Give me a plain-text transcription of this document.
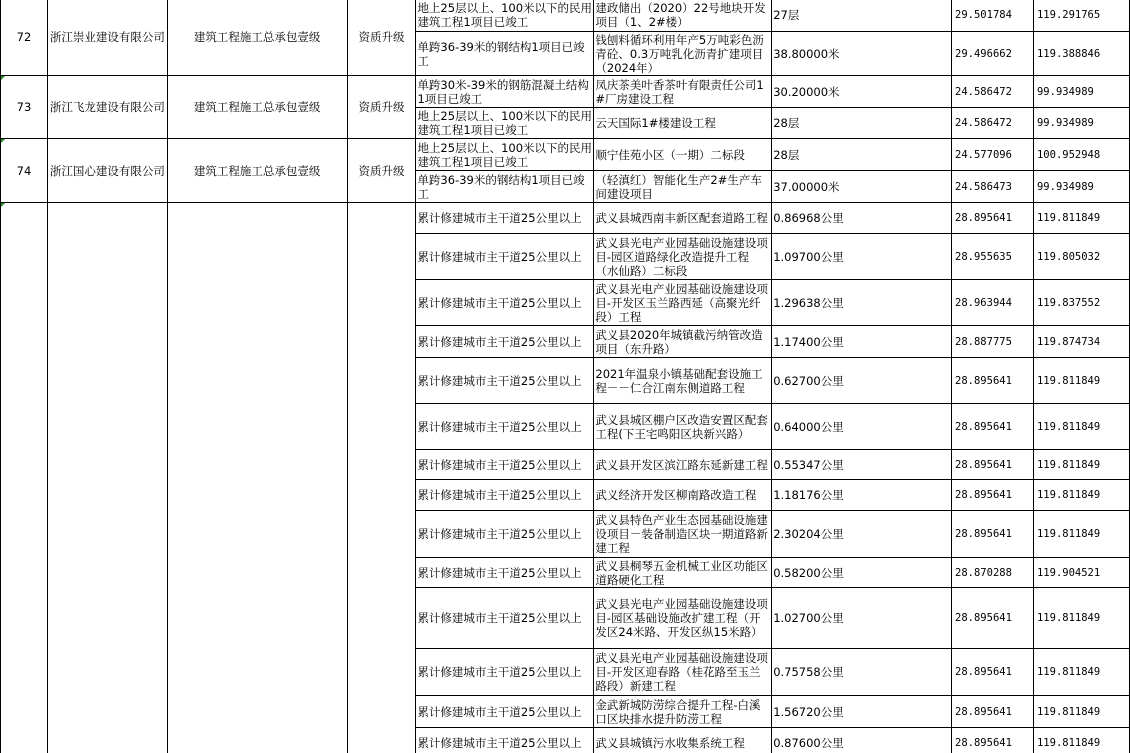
72	浙江崇业建设有限公司	建筑工程施工总承包壹级	资质升级	地上25层以上、100米以下的民用建筑工程1项目已竣工	建政储出（2020）22号地块开发项目（1、2#楼）	27层	29.501784	119.291765
				单跨36-39米的钢结构1项目已竣工	钱刨料循环利用年产5万吨彩色沥青砼、0.3万吨乳化沥青扩建项目（2024年）	38.80000米	29.496662	119.388846

73	浙江飞龙建设有限公司	建筑工程施工总承包壹级	资质升级	单跨30米-39米的钢筋混凝土结构1项目已竣工	凤庆茶美叶香茶叶有限责任公司1#厂房建设工程	30.20000米	24.586472	99.934989
				地上25层以上、100米以下的民用建筑工程1项目已竣工	云天国际1#楼建设工程	28层	24.586472	99.934989

74	浙江国心建设有限公司	建筑工程施工总承包壹级	资质升级	地上25层以上、100米以下的民用建筑工程1项目已竣工	顺宁佳苑小区（一期）二标段	28层	24.577096	100.952948
				单跨36-39米的钢结构1项目已竣工	（轻滇红）智能化生产2#生产车间建设项目	37.00000米	24.586473	99.934989

				累计修建城市主干道25公里以上	武义县城西南丰新区配套道路工程	0.86968公里	28.895641	119.811849
				累计修建城市主干道25公里以上	武义县光电产业园基础设施建设项目-园区道路绿化改造提升工程（水仙路）二标段	1.09700公里	28.955635	119.805032
				累计修建城市主干道25公里以上	武义县光电产业园基础设施建设项目-开发区玉兰路西延（高聚光纤段）工程	1.29638公里	28.963944	119.837552
				累计修建城市主干道25公里以上	武义县2020年城镇截污纳管改造项目（东升路）	1.17400公里	28.887775	119.874734
				累计修建城市主干道25公里以上	2021年温泉小镇基础配套设施工程－－仁合江南东侧道路工程	0.62700公里	28.895641	119.811849
				累计修建城市主干道25公里以上	武义县城区棚户区改造安置区配套工程(下王宅鸣阳区块新兴路）	0.64000公里	28.895641	119.811849
				累计修建城市主干道25公里以上	武义县开发区滨江路东延新建工程	0.55347公里	28.895641	119.811849
				累计修建城市主干道25公里以上	武义经济开发区柳南路改造工程	1.18176公里	28.895641	119.811849
				累计修建城市主干道25公里以上	武义县特色产业生态园基础设施建设项目－装备制造区块一期道路新建工程	2.30204公里	28.895641	119.811849
				累计修建城市主干道25公里以上	武义县桐琴五金机械工业区功能区道路硬化工程	0.58200公里	28.870288	119.904521
				累计修建城市主干道25公里以上	武义县光电产业园基础设施建设项目-园区基础设施改扩建工程（开发区24米路、开发区纵15米路）	1.02700公里	28.895641	119.811849
				累计修建城市主干道25公里以上	武义县光电产业园基础设施建设项目-开发区迎春路（桂花路至玉兰路段）新建工程	0.75758公里	28.895641	119.811849
				累计修建城市主干道25公里以上	金武新城防涝综合提升工程-白溪口区块排水提升防涝工程	1.56720公里	28.895641	119.811849
				累计修建城市主干道25公里以上	武义县城镇污水收集系统工程	0.87600公里	28.895641	119.811849
